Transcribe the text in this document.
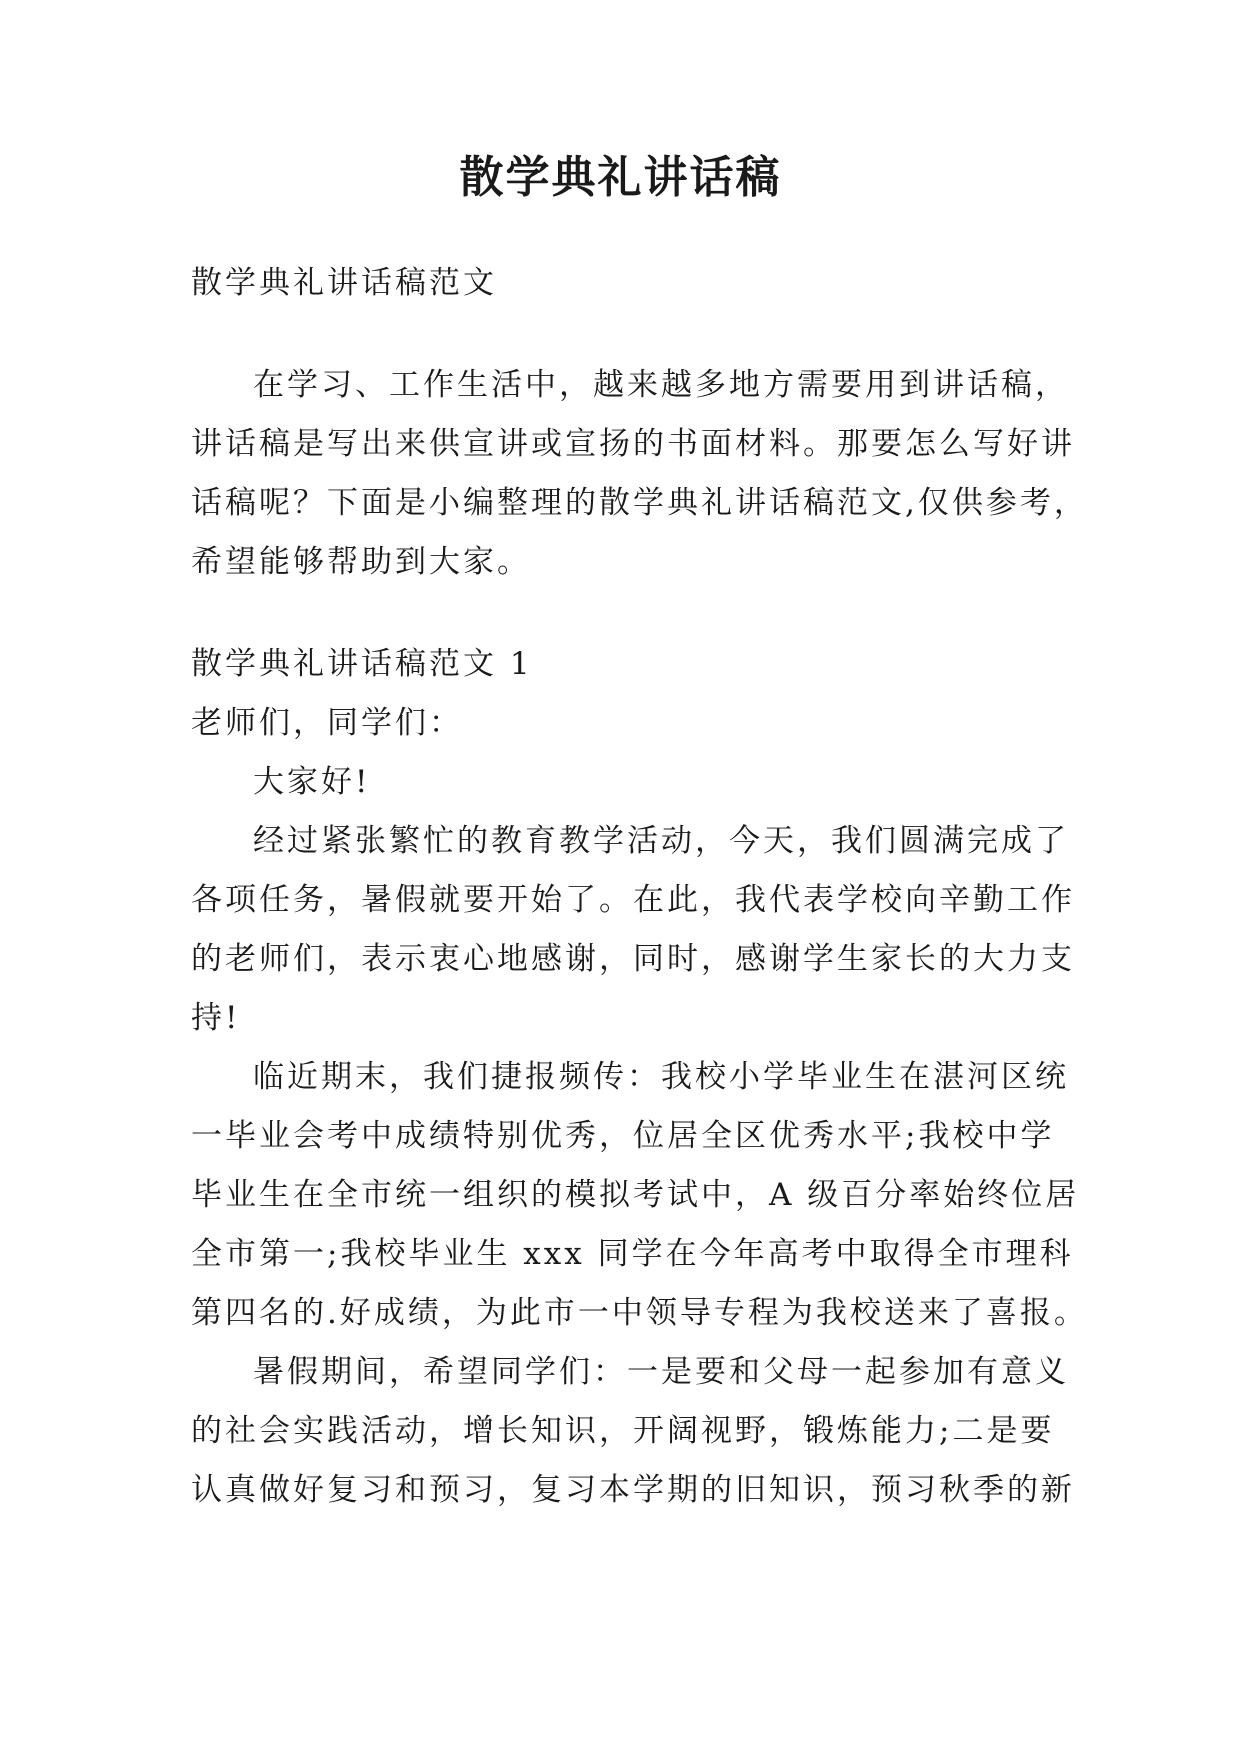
散学典礼讲话稿
散学典礼讲话稿范文
在学习、工作生活中，越来越多地方需要用到讲话稿，
讲话稿是写出来供宣讲或宣扬的书面材料。那要怎么写好讲
话稿呢？下面是小编整理的散学典礼讲话稿范文,仅供参考，
希望能够帮助到大家。
散学典礼讲话稿范文 1
老师们，同学们：
大家好!
经过紧张繁忙的教育教学活动，今天，我们圆满完成了
各项任务，暑假就要开始了。在此，我代表学校向辛勤工作
的老师们，表示衷心地感谢，同时，感谢学生家长的大力支
持!
临近期末，我们捷报频传：我校小学毕业生在湛河区统
一毕业会考中成绩特别优秀，位居全区优秀水平;我校中学
毕业生在全市统一组织的模拟考试中，A 级百分率始终位居
全市第一;我校毕业生 xxx 同学在今年高考中取得全市理科
第四名的.好成绩，为此市一中领导专程为我校送来了喜报。
暑假期间，希望同学们：一是要和父母一起参加有意义
的社会实践活动，增长知识，开阔视野，锻炼能力;二是要
认真做好复习和预习，复习本学期的旧知识，预习秋季的新
